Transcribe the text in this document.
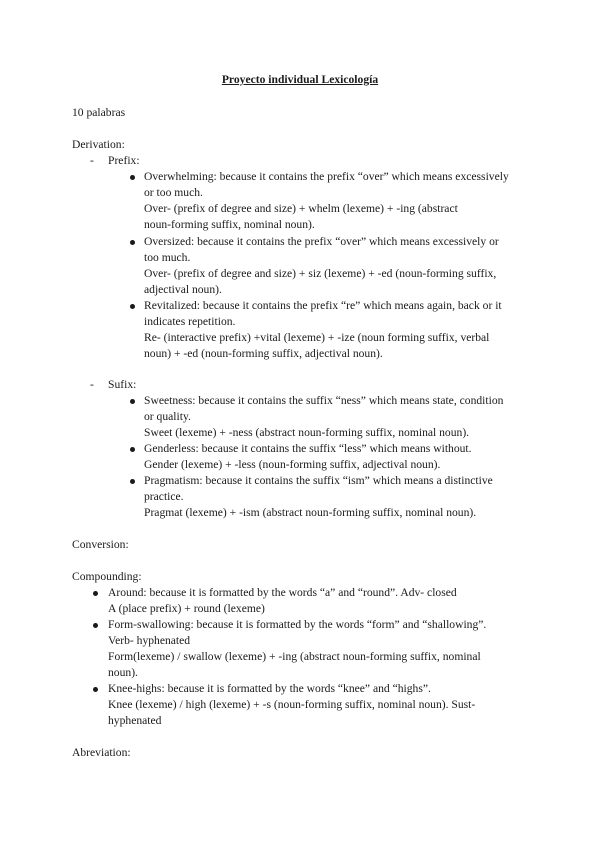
Proyecto individual Lexicología
10 palabras
Derivation:
- Prefix:
Overwhelming: because it contains the prefix “over” which means excessively
or too much.
Over- (prefix of degree and size) + whelm (lexeme) + -ing (abstract
noun-forming suffix, nominal noun).
Oversized: because it contains the prefix “over” which means excessively or
too much.
Over- (prefix of degree and size) + siz (lexeme) + -ed (noun-forming suffix,
adjectival noun).
Revitalized: because it contains the prefix “re” which means again, back or it
indicates repetition.
Re- (interactive prefix) +vital (lexeme) + -ize (noun forming suffix, verbal
noun) + -ed (noun-forming suffix, adjectival noun).
- Sufix:
Sweetness: because it contains the suffix “ness” which means state, condition
or quality.
Sweet (lexeme) + -ness (abstract noun-forming suffix, nominal noun).
Genderless: because it contains the suffix “less” which means without.
Gender (lexeme) + -less (noun-forming suffix, adjectival noun).
Pragmatism: because it contains the suffix “ism” which means a distinctive
practice.
Pragmat (lexeme) + -ism (abstract noun-forming suffix, nominal noun).
Conversion:
Compounding:
Around: because it is formatted by the words “a” and “round”. Adv- closed
A (place prefix) + round (lexeme)
Form-swallowing: because it is formatted by the words “form” and “shallowing”.
Verb- hyphenated
Form(lexeme) / swallow (lexeme) + -ing (abstract noun-forming suffix, nominal
noun).
Knee-highs: because it is formatted by the words “knee” and “highs”.
Knee (lexeme) / high (lexeme) + -s (noun-forming suffix, nominal noun). Sust-
hyphenated
Abreviation:
